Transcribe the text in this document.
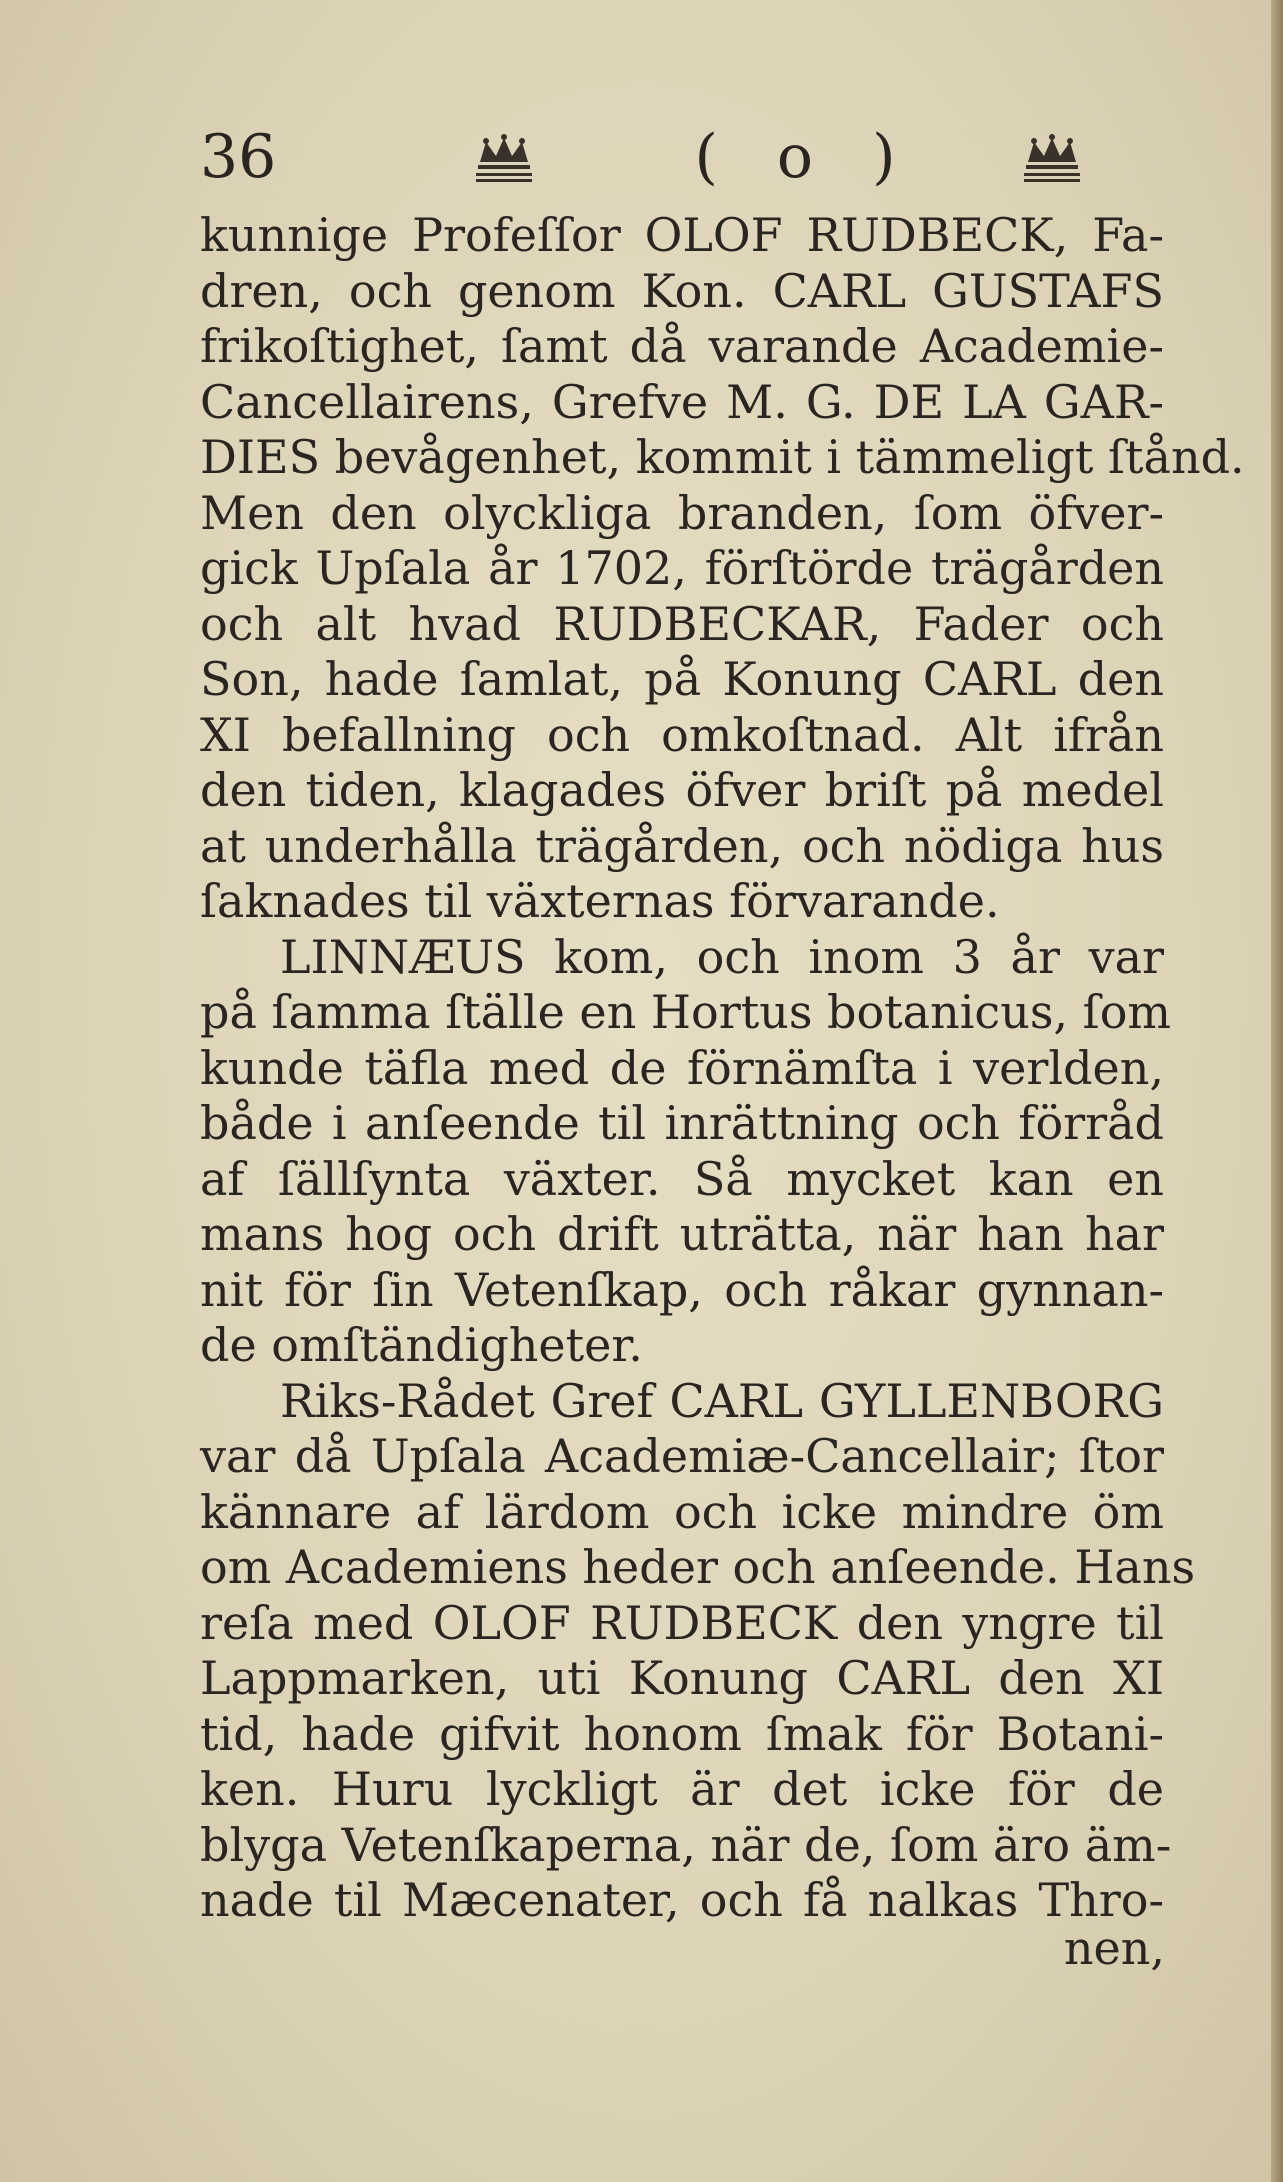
36	( o )
kunnige Profeſſor OLOF RUDBECK, Fa-
dren, och genom Kon. CARL GUSTAFS
frikoſtighet, ſamt då varande Academie-
Cancellairens, Grefve M. G. DE LA GAR-
DIES bevågenhet, kommit i tämmeligt ſtånd.
Men den olyckliga branden, ſom öfver-
gick Upſala år 1702, förſtörde trägården
och alt hvad RUDBECKAR, Fader och
Son, hade ſamlat, på Konung CARL den
XI befallning och omkoſtnad. Alt ifrån
den tiden, klagades öfver briſt på medel
at underhålla trägården, och nödiga hus
ſaknades til växternas förvarande.
LINNÆUS kom, och inom 3 år var
på ſamma ſtälle en Hortus botanicus, ſom
kunde täfla med de förnämſta i verlden,
både i anſeende til inrättning och förråd
af ſällſynta växter. Så mycket kan en
mans hog och drift uträtta, när han har
nit för ſin Vetenſkap, och råkar gynnan-
de omſtändigheter.
Riks-Rådet Gref CARL GYLLENBORG
var då Upſala Academiæ-Cancellair; ſtor
kännare af lärdom och icke mindre öm
om Academiens heder och anſeende. Hans
reſa med OLOF RUDBECK den yngre til
Lappmarken, uti Konung CARL den XI
tid, hade gifvit honom ſmak för Botani-
ken. Huru lyckligt är det icke för de
blyga Vetenſkaperna, när de, ſom äro äm-
nade til Mæcenater, och få nalkas Thro-
nen,
